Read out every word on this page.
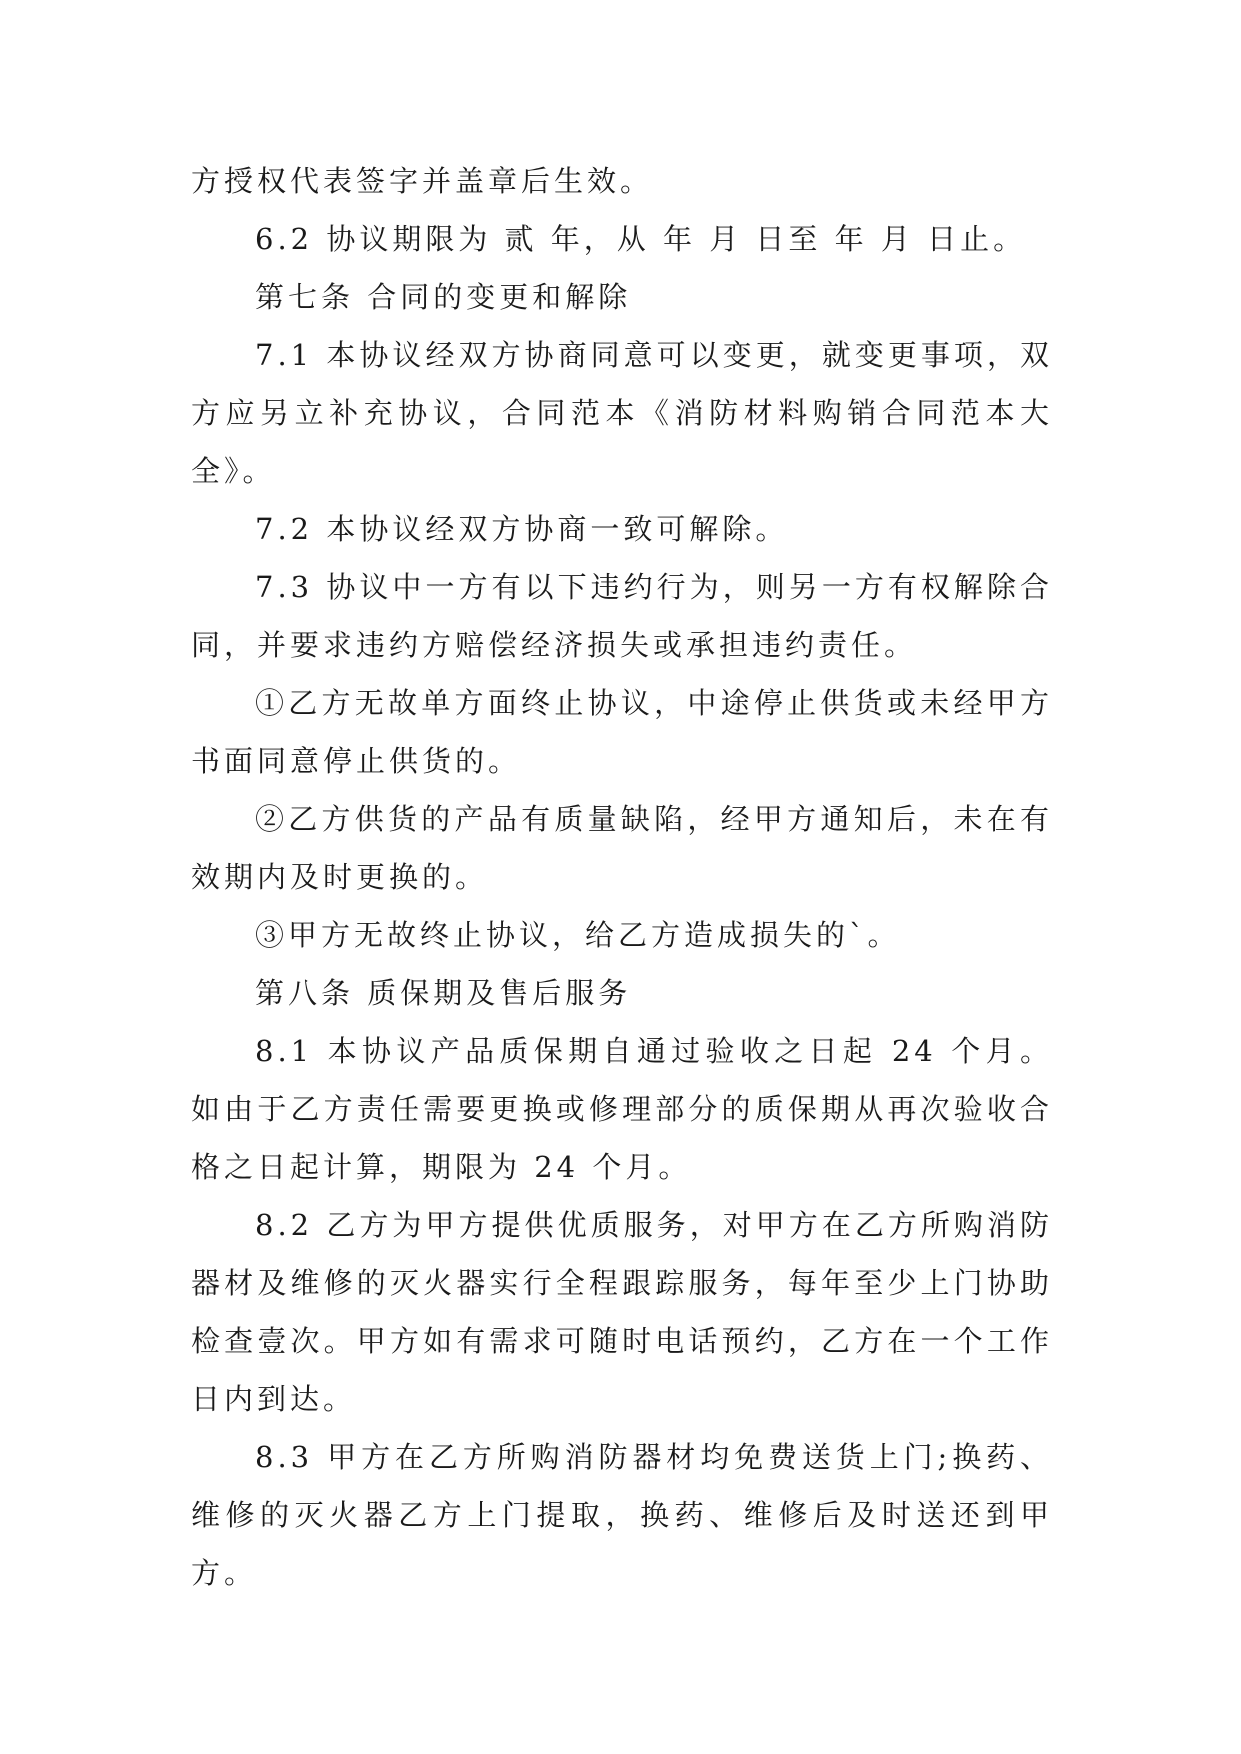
方授权代表签字并盖章后生效。

6.2 协议期限为 贰 年，从 年 月 日至 年 月 日止。

第七条 合同的变更和解除

7.1 本协议经双方协商同意可以变更，就变更事项，双方应另立补充协议，合同范本《消防材料购销合同范本大全》。

7.2 本协议经双方协商一致可解除。

7.3 协议中一方有以下违约行为，则另一方有权解除合同，并要求违约方赔偿经济损失或承担违约责任。

①乙方无故单方面终止协议，中途停止供货或未经甲方书面同意停止供货的。

②乙方供货的产品有质量缺陷，经甲方通知后，未在有效期内及时更换的。

③甲方无故终止协议，给乙方造成损失的`。

第八条 质保期及售后服务

8.1 本协议产品质保期自通过验收之日起 24 个月。如由于乙方责任需要更换或修理部分的质保期从再次验收合格之日起计算，期限为 24 个月。

8.2 乙方为甲方提供优质服务，对甲方在乙方所购消防器材及维修的灭火器实行全程跟踪服务，每年至少上门协助检查壹次。甲方如有需求可随时电话预约，乙方在一个工作日内到达。

8.3 甲方在乙方所购消防器材均免费送货上门;换药、维修的灭火器乙方上门提取，换药、维修后及时送还到甲方。
